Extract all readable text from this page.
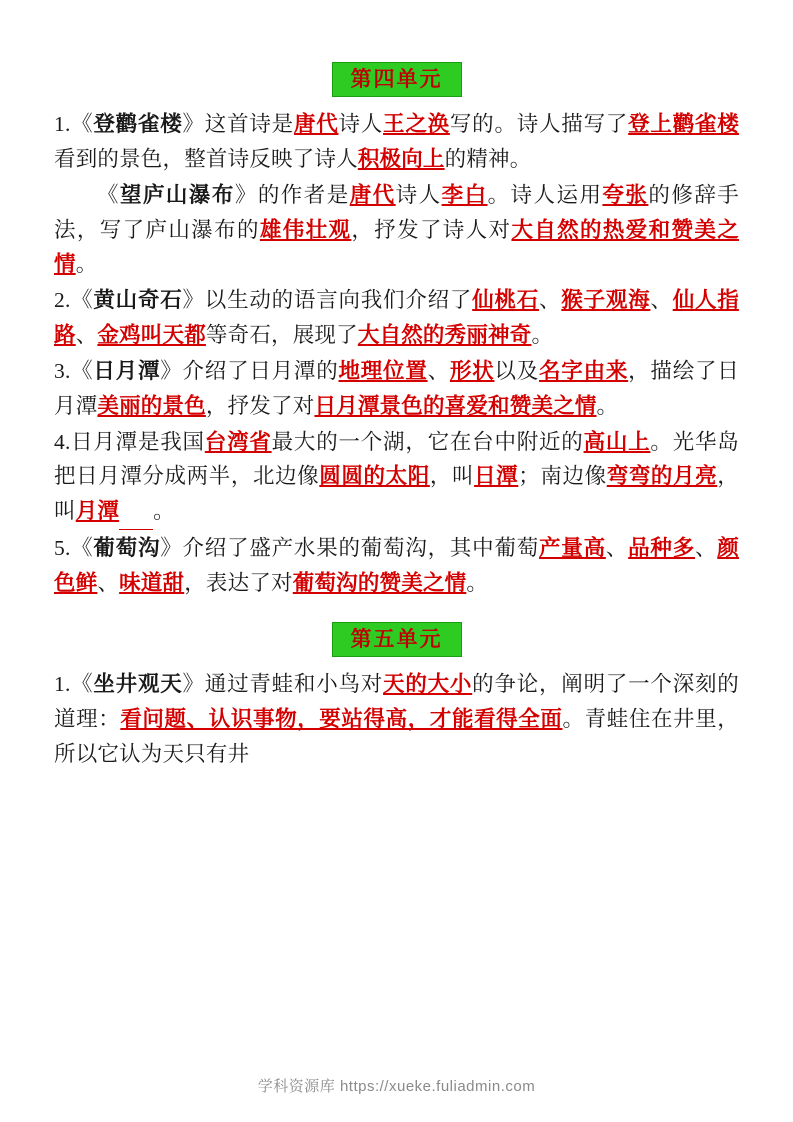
第四单元

1.《登鹳雀楼》这首诗是唐代诗人王之涣写的。诗人描写了登上鹳雀楼看到的景色，整首诗反映了诗人积极向上的精神。

《望庐山瀑布》的作者是唐代诗人李白。诗人运用夸张的修辞手法，写了庐山瀑布的雄伟壮观，抒发了诗人对大自然的热爱和赞美之情。

2.《黄山奇石》以生动的语言向我们介绍了仙桃石、猴子观海、仙人指路、金鸡叫天都等奇石，展现了大自然的秀丽神奇。

3.《日月潭》介绍了日月潭的地理位置、形状以及名字由来，描绘了日月潭美丽的景色，抒发了对日月潭景色的喜爱和赞美之情。

4.日月潭是我国台湾省最大的一个湖，它在台中附近的高山上。光华岛把日月潭分成两半，北边像圆圆的太阳，叫日潭；南边像弯弯的月亮，叫月潭　 。

5.《葡萄沟》介绍了盛产水果的葡萄沟，其中葡萄产量高、品种多、颜色鲜、味道甜，表达了对葡萄沟的赞美之情。

第五单元

1.《坐井观天》通过青蛙和小鸟对天的大小的争论，阐明了一个深刻的道理：看问题、认识事物，要站得高，才能看得全面。青蛙住在井里，所以它认为天只有井

学科资源库 https://xueke.fuliadmin.com
